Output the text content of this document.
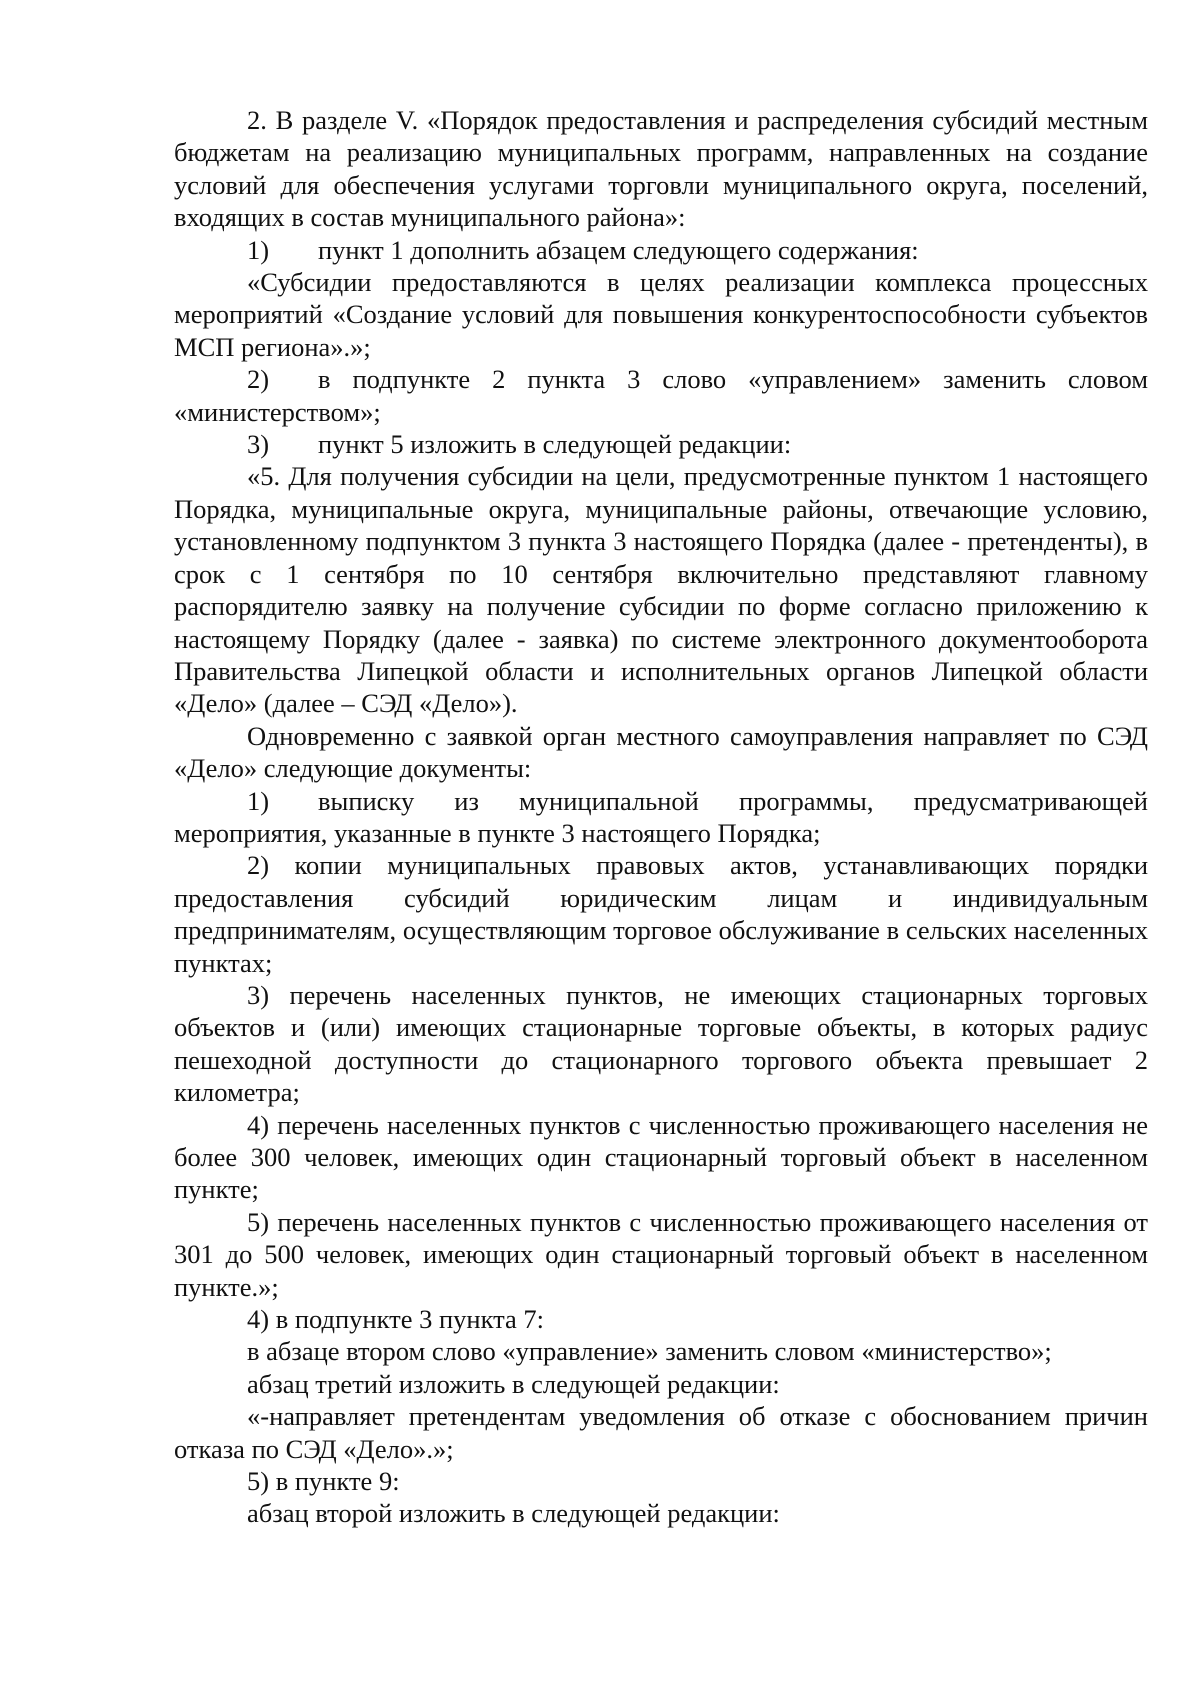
2. В разделе V. «Порядок предоставления и распределения субсидий местным бюджетам на реализацию муниципальных программ, направленных на создание условий для обеспечения услугами торговли муниципального округа, поселений, входящих в состав муниципального района»:

1) пункт 1 дополнить абзацем следующего содержания:

«Субсидии предоставляются в целях реализации комплекса процессных мероприятий «Создание условий для повышения конкурентоспособности субъектов МСП региона».»;

2) в подпункте 2 пункта 3 слово «управлением» заменить словом «министерством»;

3) пункт 5 изложить в следующей редакции:

«5. Для получения субсидии на цели, предусмотренные пунктом 1 настоящего Порядка, муниципальные округа, муниципальные районы, отвечающие условию, установленному подпунктом 3 пункта 3 настоящего Порядка (далее - претенденты), в срок с 1 сентября по 10 сентября включительно представляют главному распорядителю заявку на получение субсидии по форме согласно приложению к настоящему Порядку (далее - заявка) по системе электронного документооборота Правительства Липецкой области и исполнительных органов Липецкой области «Дело» (далее – СЭД «Дело»).

Одновременно с заявкой орган местного самоуправления направляет по СЭД «Дело» следующие документы:

1) выписку из муниципальной программы, предусматривающей мероприятия, указанные в пункте 3 настоящего Порядка;

2) копии муниципальных правовых актов, устанавливающих порядки предоставления субсидий юридическим лицам и индивидуальным предпринимателям, осуществляющим торговое обслуживание в сельских населенных пунктах;

3) перечень населенных пунктов, не имеющих стационарных торговых объектов и (или) имеющих стационарные торговые объекты, в которых радиус пешеходной доступности до стационарного торгового объекта превышает 2 километра;

4) перечень населенных пунктов с численностью проживающего населения не более 300 человек, имеющих один стационарный торговый объект в населенном пункте;

5) перечень населенных пунктов с численностью проживающего населения от 301 до 500 человек, имеющих один стационарный торговый объект в населенном пункте.»;

4) в подпункте 3 пункта 7:

в абзаце втором слово «управление» заменить словом «министерство»;

абзац третий изложить в следующей редакции:

«-направляет претендентам уведомления об отказе с обоснованием причин отказа по СЭД «Дело».»;

5) в пункте 9:

абзац второй изложить в следующей редакции:
